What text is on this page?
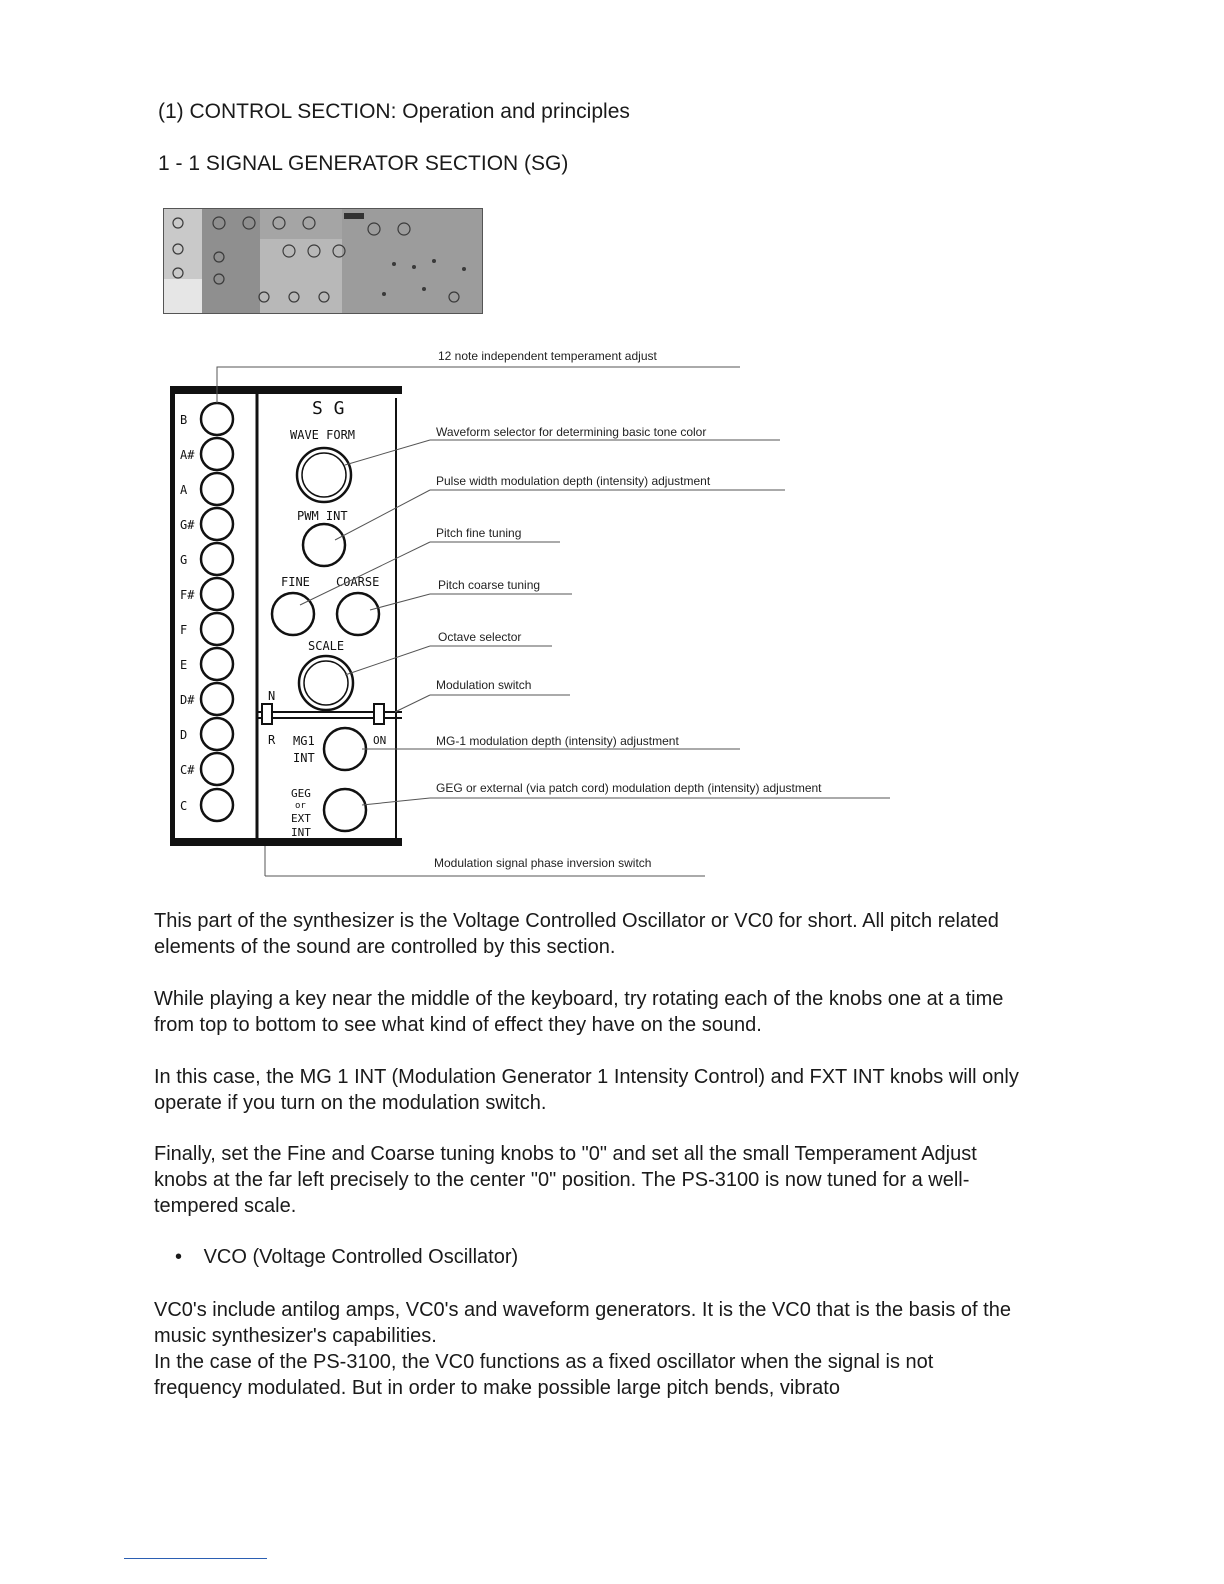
(1) CONTROL SECTION: Operation and principles
1 - 1 SIGNAL GENERATOR SECTION (SG)
B
A#
A
G#
G
F#
F
E
D#
D
C#
C
S G
WAVE FORM
PWM INT
FINE COARSE
SCALE
N
R	ON
MG1
INT
GEG
or
EXT
INT
12 note independent temperament adjust
Waveform selector for determining basic tone color
Pulse width modulation depth (intensity) adjustment
Pitch fine tuning
Pitch coarse tuning
Octave selector
Modulation switch
MG-1 modulation depth (intensity) adjustment
GEG or external (via patch cord) modulation depth (intensity) adjustment
Modulation signal phase inversion switch

This part of the synthesizer is the Voltage Controlled Oscillator or VC0 for short. All pitch related elements of the sound are controlled by this section.

While playing a key near the middle of the keyboard, try rotating each of the knobs one at a time from top to bottom to see what kind of effect they have on the sound.

In this case, the MG 1 INT (Modulation Generator 1 Intensity Control) and FXT INT knobs will only operate if you turn on the modulation switch.

Finally, set the Fine and Coarse tuning knobs to "0" and set all the small Temperament Adjust knobs at the far left precisely to the center "0" position. The PS-3100 is now tuned for a well-tempered scale.

• VCO (Voltage Controlled Oscillator)

VC0's include antilog amps, VC0's and waveform generators. It is the VC0 that is the basis of the music synthesizer's capabilities.

In the case of the PS-3100, the VC0 functions as a fixed oscillator when the signal is not frequency modulated. But in order to make possible large pitch bends, vibrato
